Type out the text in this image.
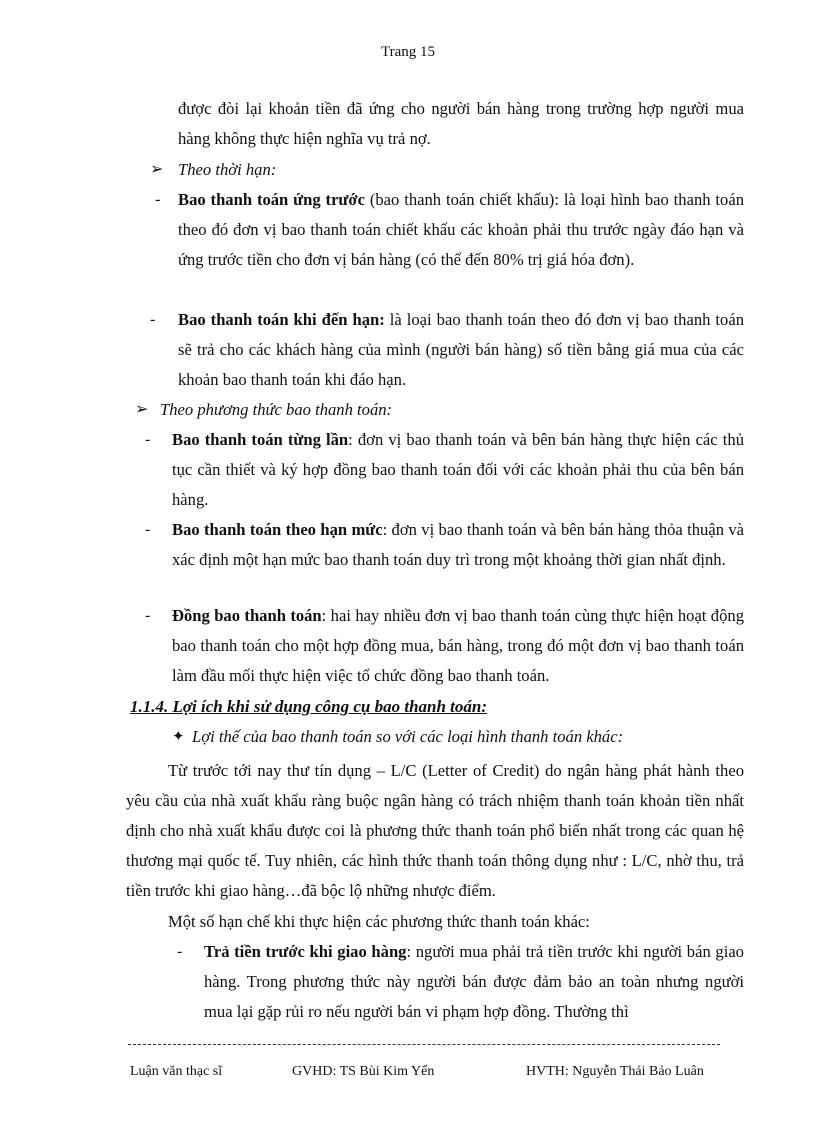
Trang 15

được đòi lại khoản tiền đã ứng cho người bán hàng trong trường hợp người mua hàng không thực hiện nghĩa vụ trả nợ.

➢ Theo thời hạn:

- Bao thanh toán ứng trước (bao thanh toán chiết khấu): là loại hình bao thanh toán theo đó đơn vị bao thanh toán chiết khấu các khoản phải thu trước ngày đáo hạn và ứng trước tiền cho đơn vị bán hàng (có thể đến 80% trị giá hóa đơn).

- Bao thanh toán khi đến hạn: là loại bao thanh toán theo đó đơn vị bao thanh toán sẽ trả cho các khách hàng của mình (người bán hàng) số tiền bằng giá mua của các khoản bao thanh toán khi đáo hạn.

➢ Theo phương thức bao thanh toán:

- Bao thanh toán từng lần: đơn vị bao thanh toán và bên bán hàng thực hiện các thủ tục cần thiết và ký hợp đồng bao thanh toán đối với các khoản phải thu của bên bán hàng.

- Bao thanh toán theo hạn mức: đơn vị bao thanh toán và bên bán hàng thỏa thuận và xác định một hạn mức bao thanh toán duy trì trong một khoảng thời gian nhất định.

- Đồng bao thanh toán: hai hay nhiều đơn vị bao thanh toán cùng thực hiện hoạt động bao thanh toán cho một hợp đồng mua, bán hàng, trong đó một đơn vị bao thanh toán làm đầu mối thực hiện việc tổ chức đồng bao thanh toán.

1.1.4. Lợi ích khi sử dụng công cụ bao thanh toán:
✦ Lợi thế của bao thanh toán so với các loại hình thanh toán khác:

Từ trước tới nay thư tín dụng – L/C (Letter of Credit) do ngân hàng phát hành theo yêu cầu của nhà xuất khẩu ràng buộc ngân hàng có trách nhiệm thanh toán khoản tiền nhất định cho nhà xuất khẩu được coi là phương thức thanh toán phổ biến nhất trong các quan hệ thương mại quốc tế. Tuy nhiên, các hình thức thanh toán thông dụng như : L/C, nhờ thu, trả tiền trước khi giao hàng…đã bộc lộ những nhược điểm.

Một số hạn chế khi thực hiện các phương thức thanh toán khác:

- Trả tiền trước khi giao hàng: người mua phải trả tiền trước khi người bán giao hàng. Trong phương thức này người bán được đảm bảo an toàn nhưng người mua lại gặp rủi ro nếu người bán vi phạm hợp đồng. Thường thì

Luận văn thạc sĩ	GVHD: TS Bùi Kim Yến	HVTH: Nguyễn Thái Bảo Luân
